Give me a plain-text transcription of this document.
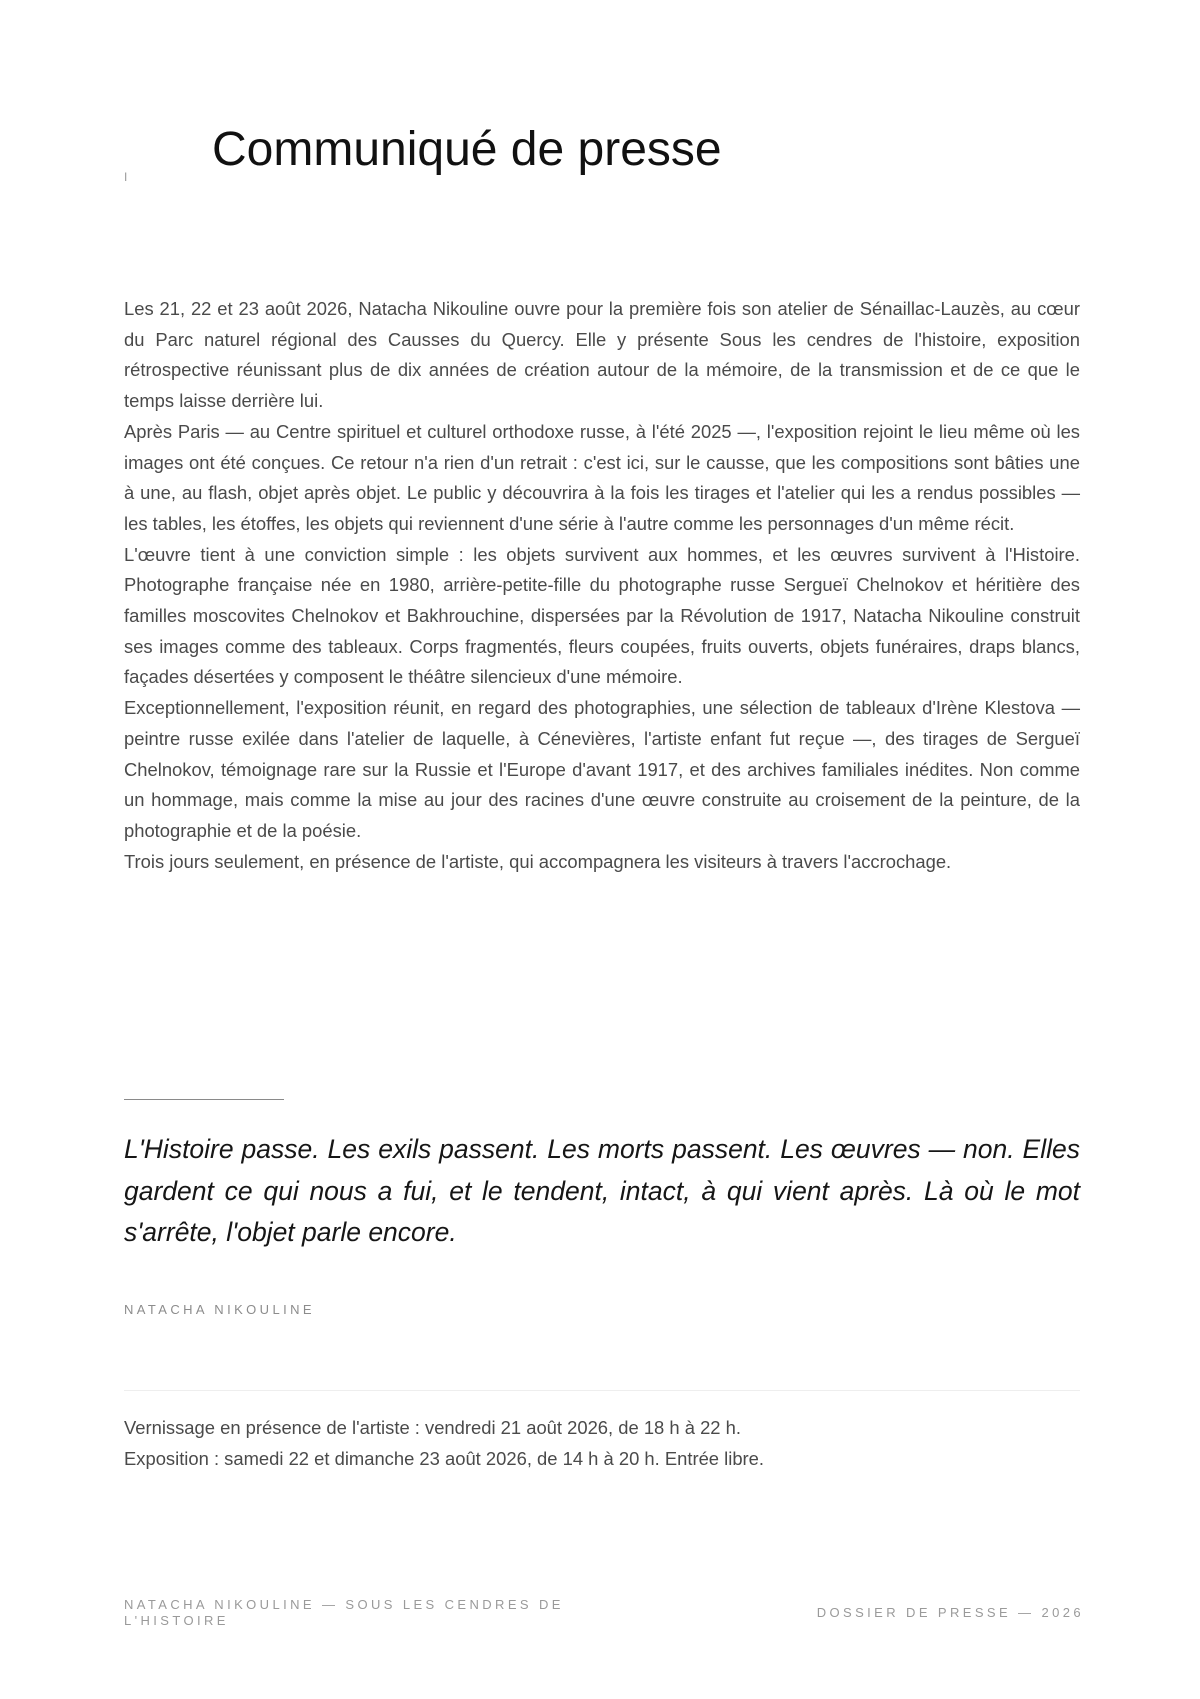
I
Communiqué de presse

Les 21, 22 et 23 août 2026, Natacha Nikouline ouvre pour la première fois son atelier de Sénaillac-Lauzès, au cœur du Parc naturel régional des Causses du Quercy. Elle y présente Sous les cendres de l'histoire, exposition rétrospective réunissant plus de dix années de création autour de la mémoire, de la transmission et de ce que le temps laisse derrière lui.

Après Paris — au Centre spirituel et culturel orthodoxe russe, à l'été 2025 —, l'exposition rejoint le lieu même où les images ont été conçues. Ce retour n'a rien d'un retrait : c'est ici, sur le causse, que les compositions sont bâties une à une, au flash, objet après objet. Le public y découvrira à la fois les tirages et l'atelier qui les a rendus possibles — les tables, les étoffes, les objets qui reviennent d'une série à l'autre comme les personnages d'un même récit.

L'œuvre tient à une conviction simple : les objets survivent aux hommes, et les œuvres survivent à l'Histoire. Photographe française née en 1980, arrière-petite-fille du photographe russe Sergueï Chelnokov et héritière des familles moscovites Chelnokov et Bakhrouchine, dispersées par la Révolution de 1917, Natacha Nikouline construit ses images comme des tableaux. Corps fragmentés, fleurs coupées, fruits ouverts, objets funéraires, draps blancs, façades désertées y composent le théâtre silencieux d'une mémoire.

Exceptionnellement, l'exposition réunit, en regard des photographies, une sélection de tableaux d'Irène Klestova — peintre russe exilée dans l'atelier de laquelle, à Cénevières, l'artiste enfant fut reçue —, des tirages de Sergueï Chelnokov, témoignage rare sur la Russie et l'Europe d'avant 1917, et des archives familiales inédites. Non comme un hommage, mais comme la mise au jour des racines d'une œuvre construite au croisement de la peinture, de la photographie et de la poésie.

Trois jours seulement, en présence de l'artiste, qui accompagnera les visiteurs à travers l'accrochage.

L'Histoire passe. Les exils passent. Les morts passent. Les œuvres — non. Elles gardent ce qui nous a fui, et le tendent, intact, à qui vient après. Là où le mot s'arrête, l'objet parle encore.
NATACHA NIKOULINE

Vernissage en présence de l'artiste : vendredi 21 août 2026, de 18 h à 22 h.

Exposition : samedi 22 et dimanche 23 août 2026, de 14 h à 20 h. Entrée libre.

NATACHA NIKOULINE — SOUS LES CENDRES DE L'HISTOIRE
DOSSIER DE PRESSE — 2026
